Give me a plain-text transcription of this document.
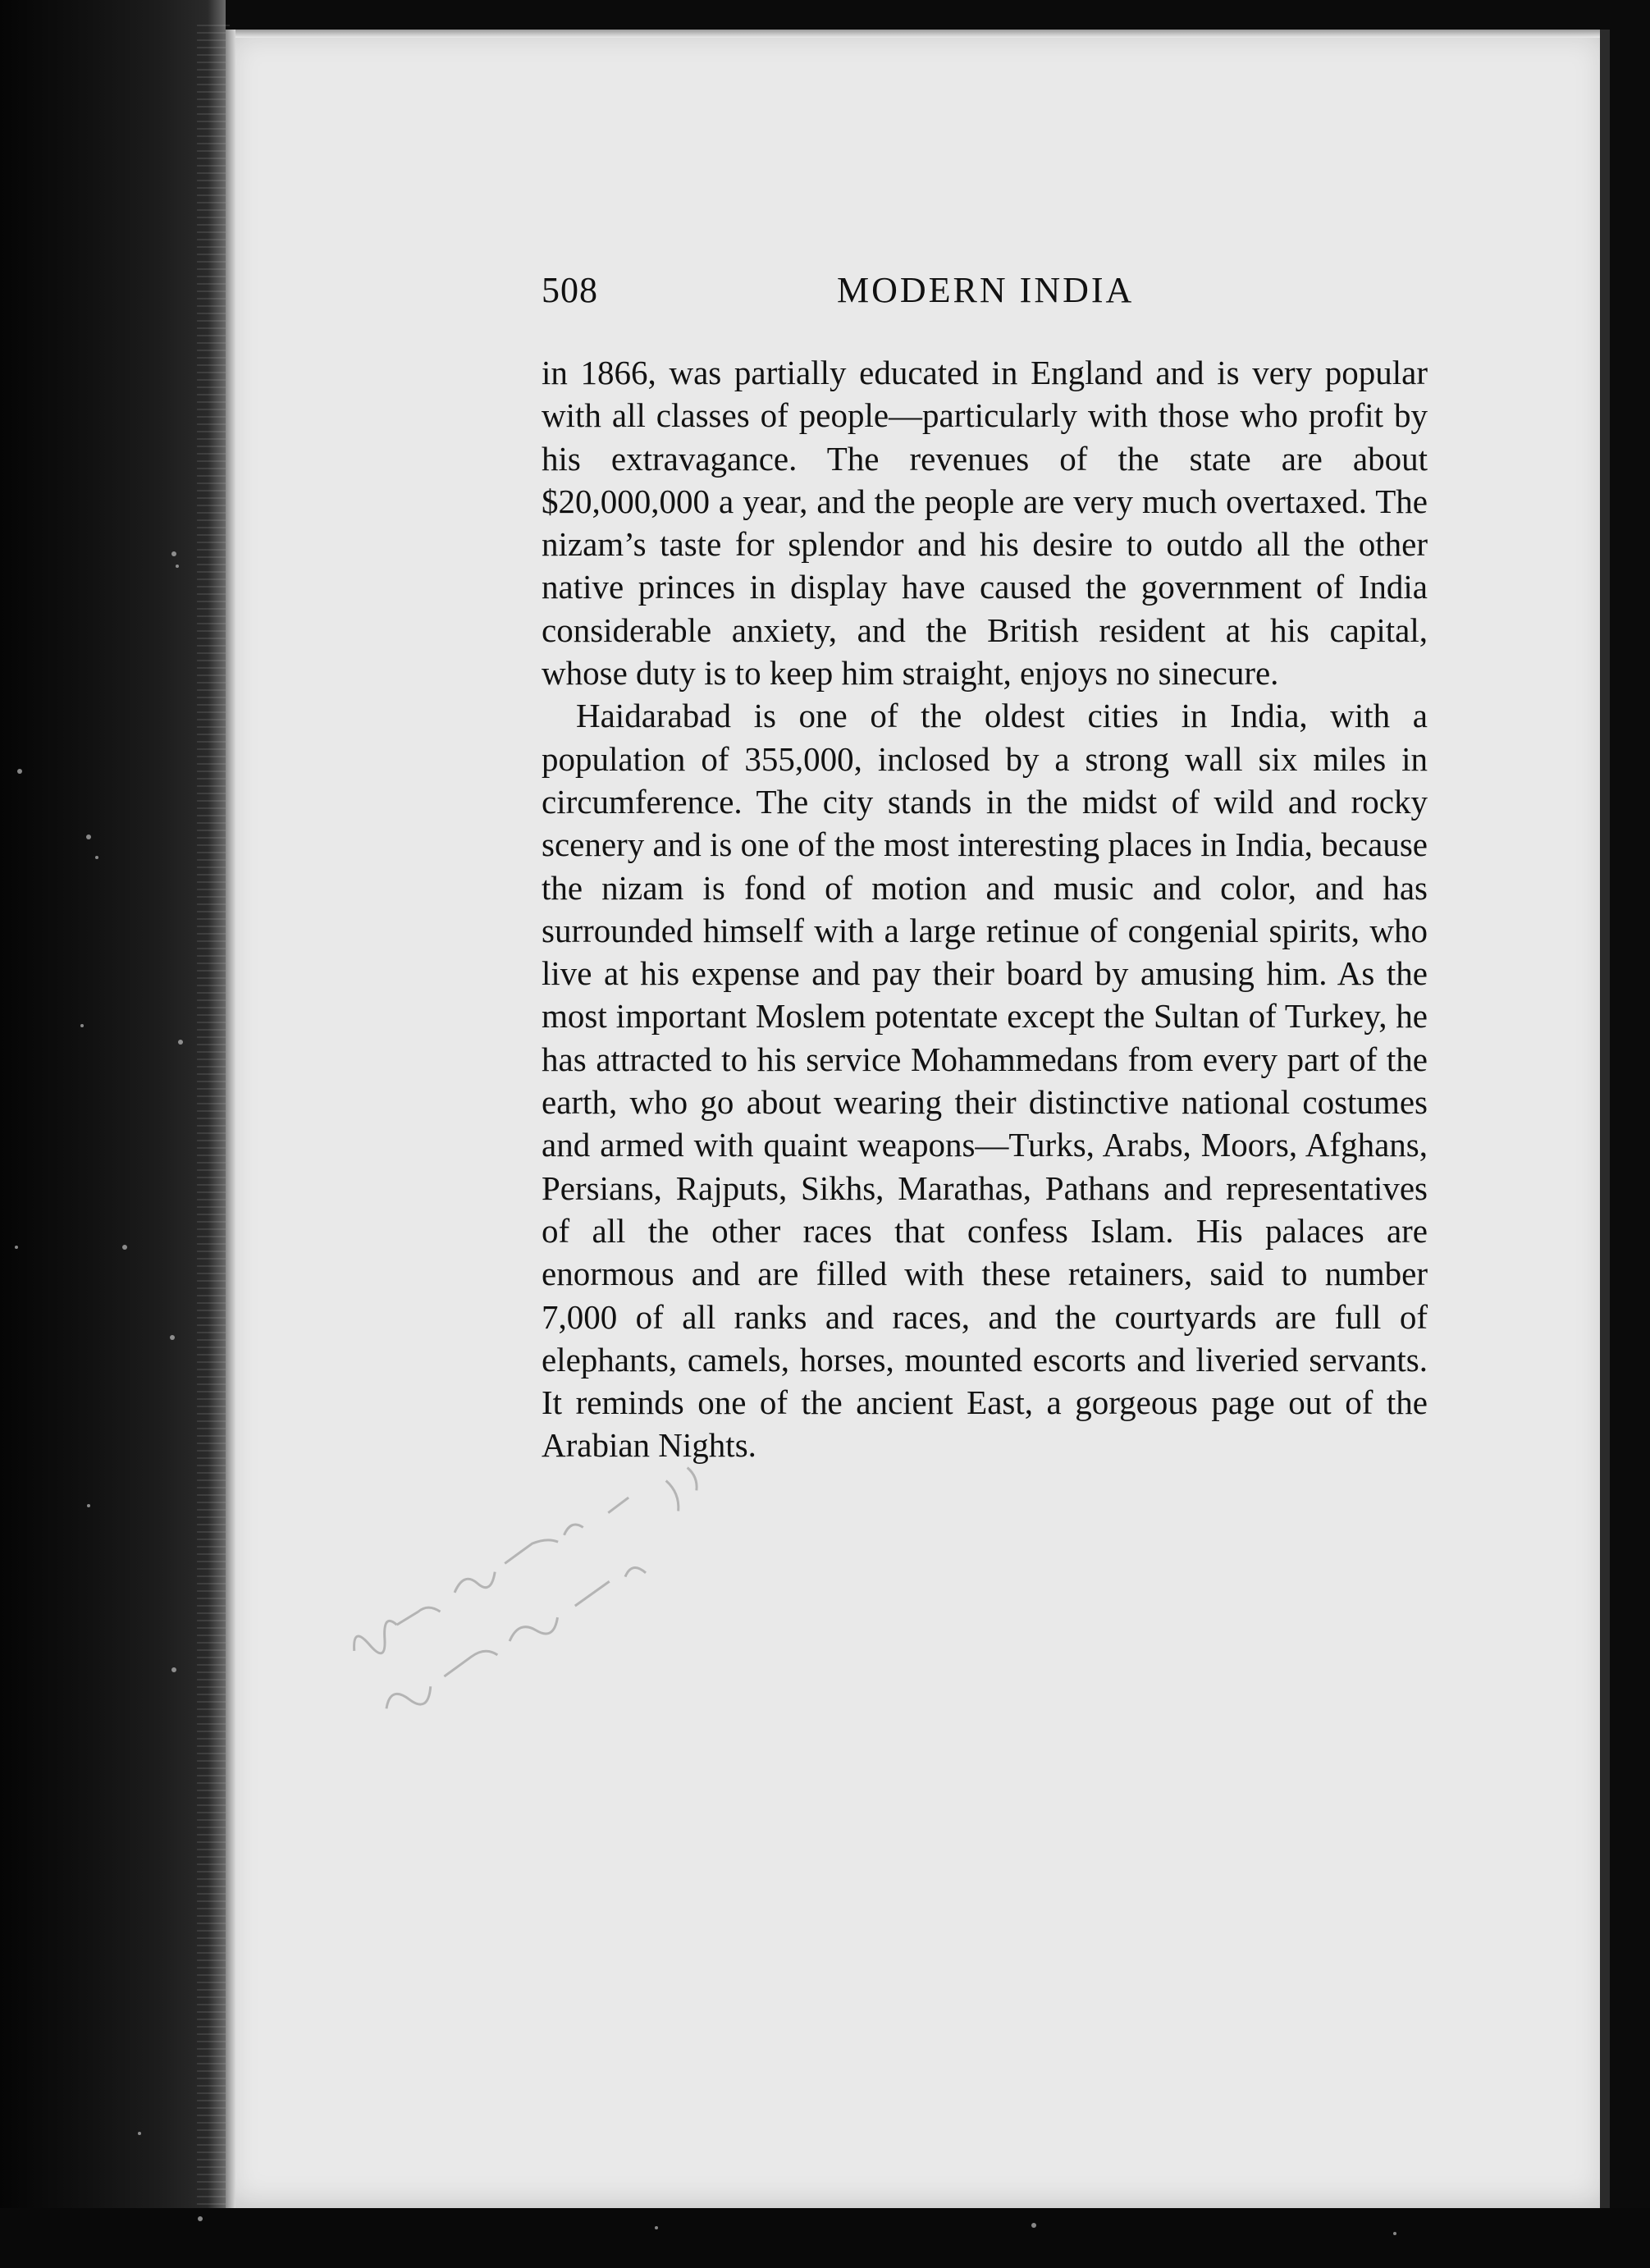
508	MODERN INDIA

in 1866, was partially educated in England and is very popular with all classes of people—particularly with those who profit by his extravagance. The revenues of the state are about $20,000,000 a year, and the people are very much overtaxed. The nizam’s taste for splendor and his desire to outdo all the other native princes in display have caused the government of India considerable anxiety, and the British resident at his capital, whose duty is to keep him straight, enjoys no sinecure.

Haidarabad is one of the oldest cities in India, with a population of 355,000, inclosed by a strong wall six miles in circumference. The city stands in the midst of wild and rocky scenery and is one of the most interesting places in India, because the nizam is fond of motion and music and color, and has surrounded himself with a large retinue of congenial spirits, who live at his expense and pay their board by amusing him. As the most important Moslem potentate except the Sultan of Turkey, he has attracted to his service Mohammedans from every part of the earth, who go about wearing their distinctive national costumes and armed with quaint weapons—Turks, Arabs, Moors, Afghans, Persians, Rajputs, Sikhs, Marathas, Pathans and representatives of all the other races that confess Islam. His palaces are enormous and are filled with these retainers, said to number 7,000 of all ranks and races, and the courtyards are full of elephants, camels, horses, mounted escorts and liveried servants. It reminds one of the ancient East, a gorgeous page out of the Arabian Nights.
